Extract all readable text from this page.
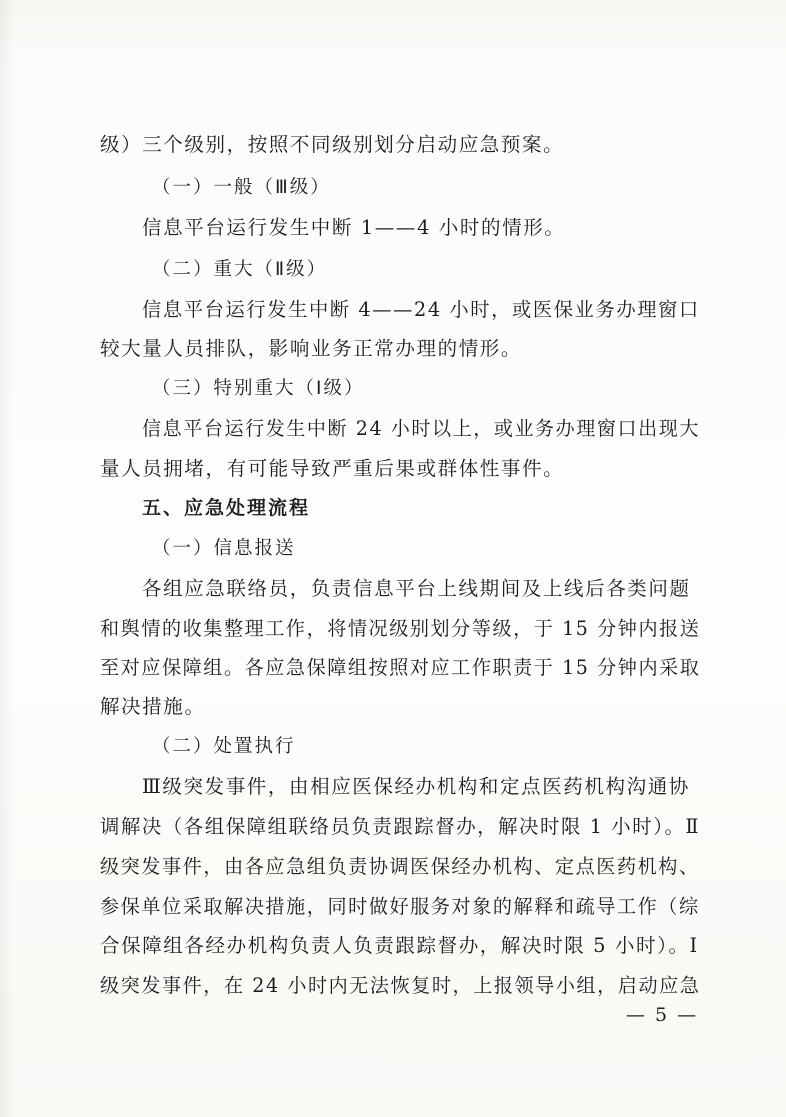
级）三个级别，按照不同级别划分启动应急预案。
（一）一般（Ⅲ级）
信息平台运行发生中断 1——4 小时的情形。
（二）重大（Ⅱ级）
信息平台运行发生中断 4——24 小时，或医保业务办理窗口
较大量人员排队，影响业务正常办理的情形。
（三）特别重大（Ⅰ级）
信息平台运行发生中断 24 小时以上，或业务办理窗口出现大
量人员拥堵，有可能导致严重后果或群体性事件。
五、应急处理流程
（一）信息报送
各组应急联络员，负责信息平台上线期间及上线后各类问题
和舆情的收集整理工作，将情况级别划分等级，于 15 分钟内报送
至对应保障组。各应急保障组按照对应工作职责于 15 分钟内采取
解决措施。
（二）处置执行
Ⅲ级突发事件，由相应医保经办机构和定点医药机构沟通协
调解决（各组保障组联络员负责跟踪督办，解决时限 1 小时）。Ⅱ
级突发事件，由各应急组负责协调医保经办机构、定点医药机构、
参保单位采取解决措施，同时做好服务对象的解释和疏导工作（综
合保障组各经办机构负责人负责跟踪督办，解决时限 5 小时）。Ⅰ
级突发事件，在 24 小时内无法恢复时，上报领导小组，启动应急
— 5 —
